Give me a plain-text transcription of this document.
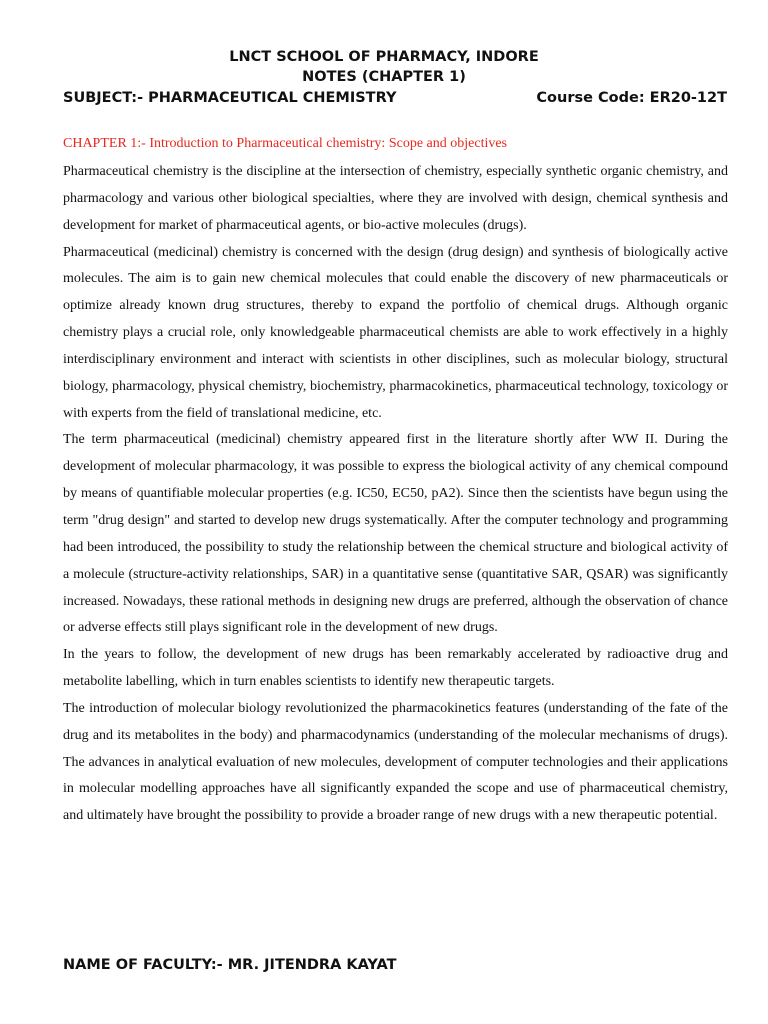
LNCT SCHOOL OF PHARMACY, INDORE
NOTES (CHAPTER 1)
SUBJECT:- PHARMACEUTICAL CHEMISTRY	Course Code: ER20-12T
CHAPTER 1:- Introduction to Pharmaceutical chemistry: Scope and objectives

Pharmaceutical chemistry is the discipline at the intersection of chemistry, especially synthetic organic chemistry, and pharmacology and various other biological specialties, where they are involved with design, chemical synthesis and development for market of pharmaceutical agents, or bio-active molecules (drugs).

Pharmaceutical (medicinal) chemistry is concerned with the design (drug design) and synthesis of biologically active molecules. The aim is to gain new chemical molecules that could enable the discovery of new pharmaceuticals or optimize already known drug structures, thereby to expand the portfolio of chemical drugs. Although organic chemistry plays a crucial role, only knowledgeable pharmaceutical chemists are able to work effectively in a highly interdisciplinary environment and interact with scientists in other disciplines, such as molecular biology, structural biology, pharmacology, physical chemistry, biochemistry, pharmacokinetics, pharmaceutical technology, toxicology or with experts from the field of translational medicine, etc.

The term pharmaceutical (medicinal) chemistry appeared first in the literature shortly after WW II. During the development of molecular pharmacology, it was possible to express the biological activity of any chemical compound by means of quantifiable molecular properties (e.g. IC50, EC50, pA2). Since then the scientists have begun using the term "drug design" and started to develop new drugs systematically. After the computer technology and programming had been introduced, the possibility to study the relationship between the chemical structure and biological activity of a molecule (structure-activity relationships, SAR) in a quantitative sense (quantitative SAR, QSAR) was significantly increased. Nowadays, these rational methods in designing new drugs are preferred, although the observation of chance or adverse effects still plays significant role in the development of new drugs.

In the years to follow, the development of new drugs has been remarkably accelerated by radioactive drug and metabolite labelling, which in turn enables scientists to identify new therapeutic targets.

The introduction of molecular biology revolutionized the pharmacokinetics features (understanding of the fate of the drug and its metabolites in the body) and pharmacodynamics (understanding of the molecular mechanisms of drugs). The advances in analytical evaluation of new molecules, development of computer technologies and their applications in molecular modelling approaches have all significantly expanded the scope and use of pharmaceutical chemistry, and ultimately have brought the possibility to provide a broader range of new drugs with a new therapeutic potential.

NAME OF FACULTY:- MR. JITENDRA KAYAT
